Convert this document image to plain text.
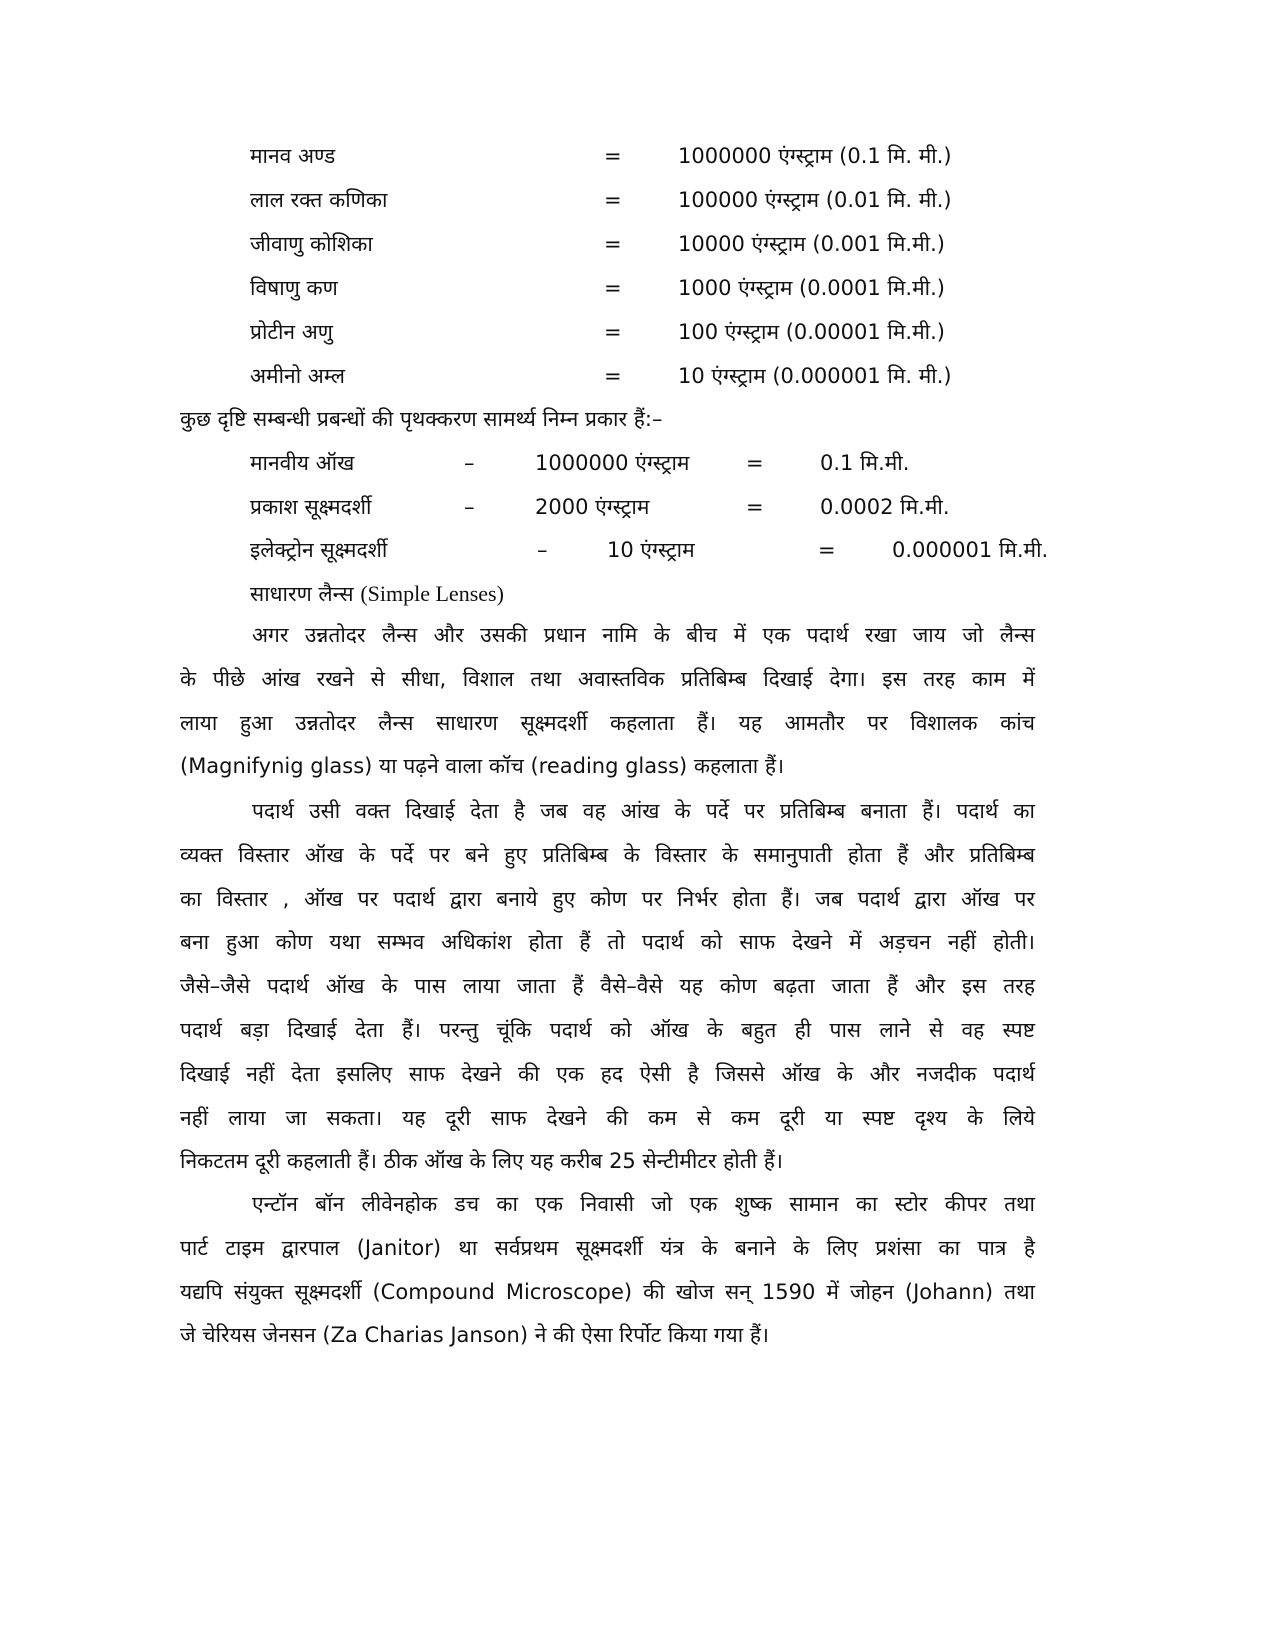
मानव अण्ड	=	1000000 एंग्स्ट्राम (0.1 मि. मी.)
लाल रक्त कणिका	=	100000 एंग्स्ट्राम (0.01 मि. मी.)
जीवाणु कोशिका	=	10000 एंग्स्ट्राम (0.001 मि.मी.)
विषाणु कण	=	1000 एंग्स्ट्राम (0.0001 मि.मी.)
प्रोटीन अणु	=	100 एंग्स्ट्राम (0.00001 मि.मी.)
अमीनो अम्ल	=	10 एंग्स्ट्राम (0.000001 मि. मी.)
कुछ दृष्टि सम्बन्धी प्रबन्धों की पृथक्करण सामर्थ्य निम्न प्रकार हैं:–
मानवीय ऑख	–	1000000 एंग्स्ट्राम	=	0.1 मि.मी.
प्रकाश सूक्ष्मदर्शी	–	2000 एंग्स्ट्राम	=	0.0002 मि.मी.
इलेक्ट्रोन सूक्ष्मदर्शी	–	10 एंग्स्ट्राम	=	0.000001 मि.मी.
साधारण लैन्स (Simple Lenses)
अगर उन्नतोदर लैन्स और उसकी प्रधान नामि के बीच में एक पदार्थ रखा जाय जो लैन्स
के पीछे आंख रखने से सीधा, विशाल तथा अवास्तविक प्रतिबिम्ब दिखाई देगा। इस तरह काम में
लाया हुआ उन्नतोदर लैन्स साधारण सूक्ष्मदर्शी कहलाता हैं। यह आमतौर पर विशालक कांच
(Magnifynig glass) या पढ़ने वाला कॉच (reading glass) कहलाता हैं।
पदार्थ उसी वक्त दिखाई देता है जब वह आंख के पर्दे पर प्रतिबिम्ब बनाता हैं। पदार्थ का
व्यक्त विस्तार ऑख के पर्दे पर बने हुए प्रतिबिम्ब के विस्तार के समानुपाती होता हैं और प्रतिबिम्ब
का विस्तार , ऑख पर पदार्थ द्वारा बनाये हुए कोण पर निर्भर होता हैं। जब पदार्थ द्वारा ऑख पर
बना हुआ कोण यथा सम्भव अधिकांश होता हैं तो पदार्थ को साफ देखने में अड़चन नहीं होती।
जैसे–जैसे पदार्थ ऑख के पास लाया जाता हैं वैसे–वैसे यह कोण बढ़ता जाता हैं और इस तरह
पदार्थ बड़ा दिखाई देता हैं। परन्तु चूंकि पदार्थ को ऑख के बहुत ही पास लाने से वह स्पष्ट
दिखाई नहीं देता इसलिए साफ देखने की एक हद ऐसी है जिससे ऑख के और नजदीक पदार्थ
नहीं लाया जा सकता। यह दूरी साफ देखने की कम से कम दूरी या स्पष्ट दृश्य के लिये
निकटतम दूरी कहलाती हैं। ठीक ऑख के लिए यह करीब 25 सेन्टीमीटर होती हैं।
एन्टॉन बॉन लीवेनहोक डच का एक निवासी जो एक शुष्क सामान का स्टोर कीपर तथा
पार्ट टाइम द्वारपाल (Janitor) था सर्वप्रथम सूक्ष्मदर्शी यंत्र के बनाने के लिए प्रशंसा का पात्र है
यद्यपि संयुक्त सूक्ष्मदर्शी (Compound Microscope) की खोज सन् 1590 में जोहन (Johann) तथा
जे चेरियस जेनसन (Za Charias Janson) ने की ऐसा रिर्पोट किया गया हैं।
